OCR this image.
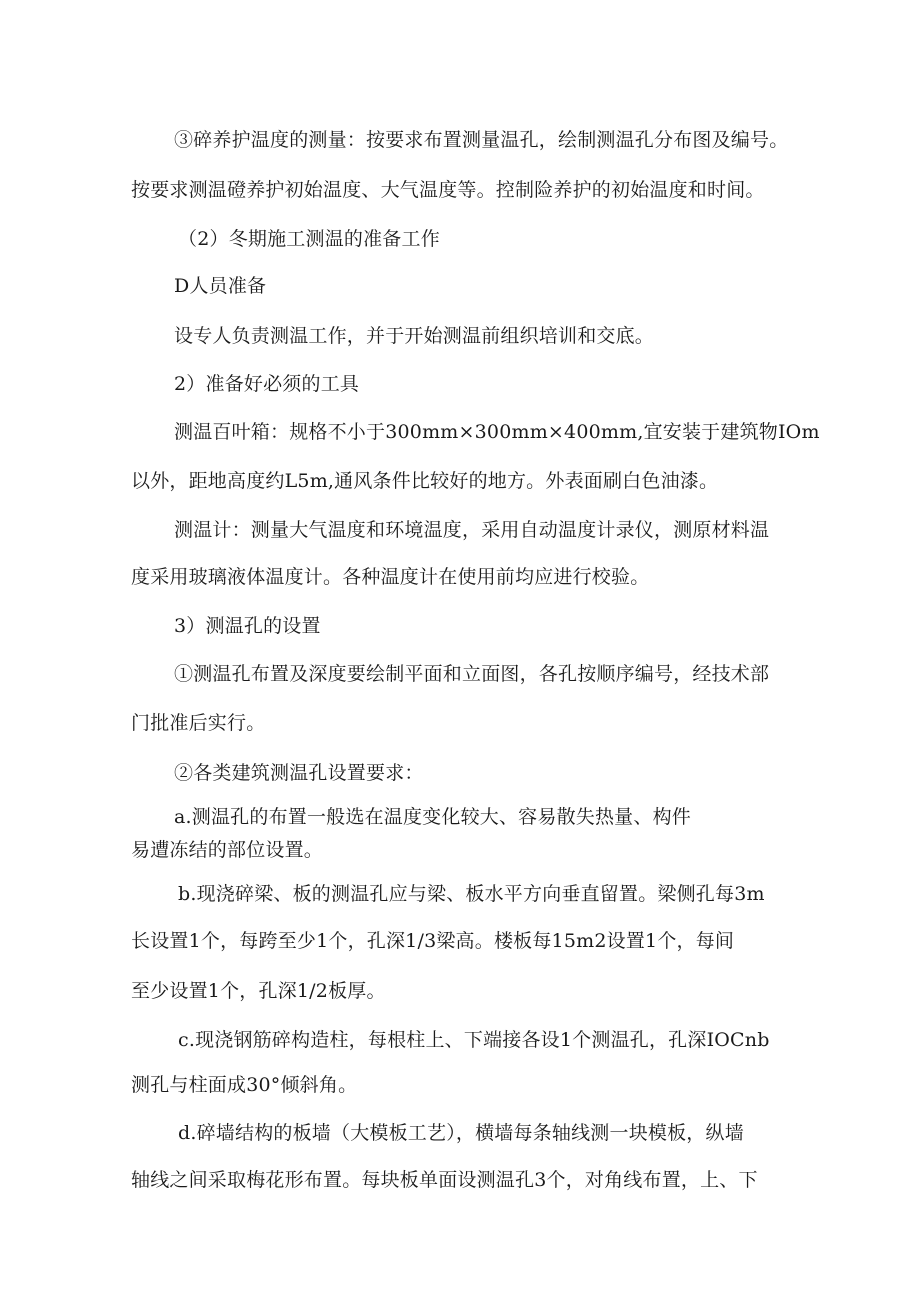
③碎养护温度的测量：按要求布置测量温孔，绘制测温孔分布图及编号。
按要求测温磴养护初始温度、大气温度等。控制险养护的初始温度和时间。
（2）冬期施工测温的准备工作
D人员准备
设专人负责测温工作，并于开始测温前组织培训和交底。
2）准备好必须的工具
测温百叶箱：规格不小于300mm×300mm×400mm,宜安装于建筑物IOm
以外，距地高度约L5m,通风条件比较好的地方。外表面刷白色油漆。
测温计：测量大气温度和环境温度，采用自动温度计录仪，测原材料温
度采用玻璃液体温度计。各种温度计在使用前均应进行校验。
3）测温孔的设置
①测温孔布置及深度要绘制平面和立面图，各孔按顺序编号，经技术部
门批准后实行。
②各类建筑测温孔设置要求：
a.测温孔的布置一般选在温度变化较大、容易散失热量、构件
易遭冻结的部位设置。
b.现浇碎梁、板的测温孔应与梁、板水平方向垂直留置。梁侧孔每3m
长设置1个，每跨至少1个，孔深1/3梁高。楼板每15m2设置1个，每间
至少设置1个，孔深1/2板厚。
c.现浇钢筋碎构造柱，每根柱上、下端接各设1个测温孔，孔深IOCnb
测孔与柱面成30°倾斜角。
d.碎墙结构的板墙（大模板工艺），横墙每条轴线测一块模板，纵墙
轴线之间采取梅花形布置。每块板单面设测温孔3个，对角线布置，上、下
